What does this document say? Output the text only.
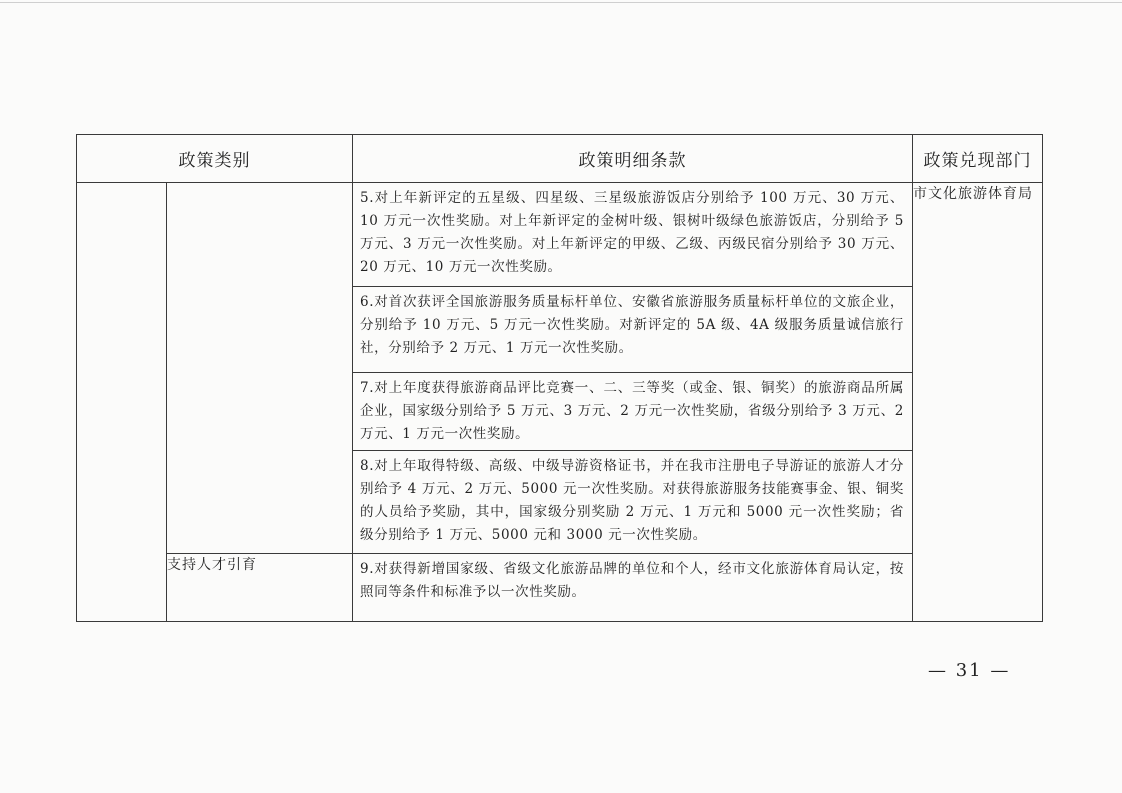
政策类别		政策明细条款	政策兑现部门

		5.对上年新评定的五星级、四星级、三星级旅游饭店分别给予 100 万元、30 万元、10 万元一次性奖励。对上年新评定的金树叶级、银树叶级绿色旅游饭店，分别给予 5 万元、3 万元一次性奖励。对上年新评定的甲级、乙级、丙级民宿分别给予 30 万元、20 万元、10 万元一次性奖励。	市文化旅游体育局

		6.对首次获评全国旅游服务质量标杆单位、安徽省旅游服务质量标杆单位的文旅企业，分别给予 10 万元、5 万元一次性奖励。对新评定的 5A 级、4A 级服务质量诚信旅行社，分别给予 2 万元、1 万元一次性奖励。	

		7.对上年度获得旅游商品评比竞赛一、二、三等奖（或金、银、铜奖）的旅游商品所属企业，国家级分别给予 5 万元、3 万元、2 万元一次性奖励，省级分别给予 3 万元、2 万元、1 万元一次性奖励。	

		8.对上年取得特级、高级、中级导游资格证书，并在我市注册电子导游证的旅游人才分别给予 4 万元、2 万元、5000 元一次性奖励。对获得旅游服务技能赛事金、银、铜奖的人员给予奖励，其中，国家级分别奖励 2 万元、1 万元和 5000 元一次性奖励；省级分别给予 1 万元、5000 元和 3000 元一次性奖励。	

	支持人才引育	9.对获得新增国家级、省级文化旅游品牌的单位和个人，经市文化旅游体育局认定，按照同等条件和标准予以一次性奖励。	
— 31 —
